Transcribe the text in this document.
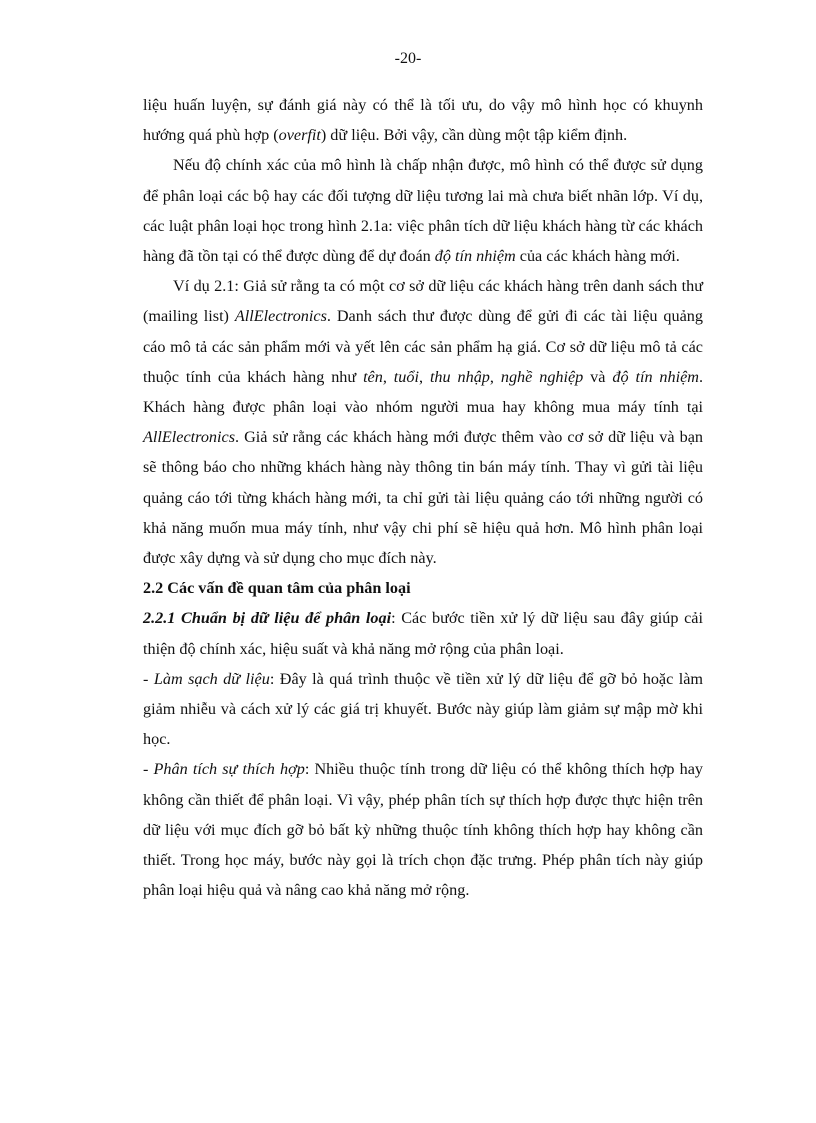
-20-

liệu huấn luyện, sự đánh giá này có thể là tối ưu, do vậy mô hình học có khuynh hướng quá phù hợp (overfit) dữ liệu. Bởi vậy, cần dùng một tập kiểm định.

Nếu độ chính xác của mô hình là chấp nhận được, mô hình có thể được sử dụng để phân loại các bộ hay các đối tượng dữ liệu tương lai mà chưa biết nhãn lớp. Ví dụ, các luật phân loại học trong hình 2.1a: việc phân tích dữ liệu khách hàng từ các khách hàng đã tồn tại có thể được dùng để dự đoán độ tín nhiệm của các khách hàng mới.

Ví dụ 2.1: Giả sử rằng ta có một cơ sở dữ liệu các khách hàng trên danh sách thư (mailing list) AllElectronics. Danh sách thư được dùng để gửi đi các tài liệu quảng cáo mô tả các sản phẩm mới và yết lên các sản phẩm hạ giá. Cơ sở dữ liệu mô tả các thuộc tính của khách hàng như tên, tuổi, thu nhập, nghề nghiệp và độ tín nhiệm. Khách hàng được phân loại vào nhóm người mua hay không mua máy tính tại AllElectronics. Giả sử rằng các khách hàng mới được thêm vào cơ sở dữ liệu và bạn sẽ thông báo cho những khách hàng này thông tin bán máy tính. Thay vì gửi tài liệu quảng cáo tới từng khách hàng mới, ta chỉ gửi tài liệu quảng cáo tới những người có khả năng muốn mua máy tính, như vậy chi phí sẽ hiệu quả hơn. Mô hình phân loại được xây dựng và sử dụng cho mục đích này.

2.2 Các vấn đề quan tâm của phân loại

2.2.1 Chuẩn bị dữ liệu để phân loại: Các bước tiền xử lý dữ liệu sau đây giúp cải thiện độ chính xác, hiệu suất và khả năng mở rộng của phân loại.

- Làm sạch dữ liệu: Đây là quá trình thuộc về tiền xử lý dữ liệu để gỡ bỏ hoặc làm giảm nhiễu và cách xử lý các giá trị khuyết. Bước này giúp làm giảm sự mập mờ khi học.

- Phân tích sự thích hợp: Nhiều thuộc tính trong dữ liệu có thể không thích hợp hay không cần thiết để phân loại. Vì vậy, phép phân tích sự thích hợp được thực hiện trên dữ liệu với mục đích gỡ bỏ bất kỳ những thuộc tính không thích hợp hay không cần thiết. Trong học máy, bước này gọi là trích chọn đặc trưng. Phép phân tích này giúp phân loại hiệu quả và nâng cao khả năng mở rộng.
